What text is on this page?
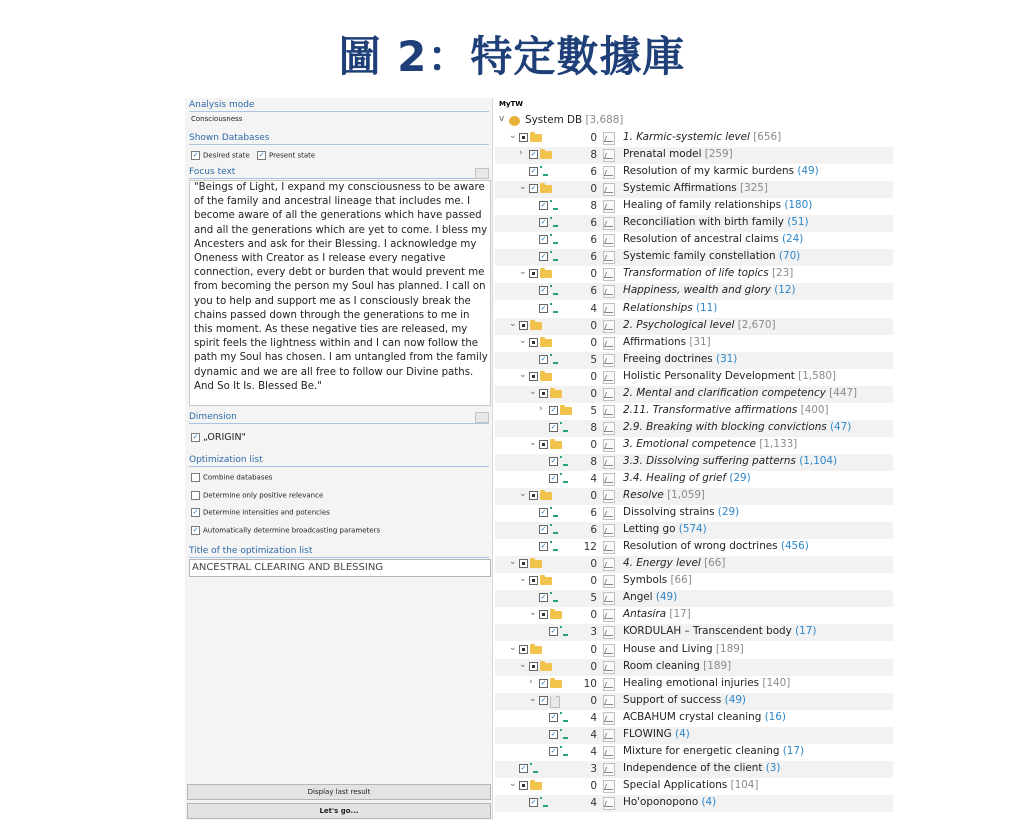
圖 2：特定數據庫
Analysis mode
Consciousness
Shown Databases
✓ Desired state ✓ Present state
Focus text

"Beings of Light, I expand my consciousness to be aware of the family and ancestral lineage that includes me. I become aware of all the generations which have passed and all the generations which are yet to come. I bless my Ancesters and ask for their Blessing. I acknowledge my Oneness with Creator as I release every negative connection, every debt or burden that would prevent me from becoming the person my Soul has planned. I call on you to help and support me as I consciously break the chains passed down through the generations to me in this moment. As these negative ties are released, my spirit feels the lightness within and I can now follow the path my Soul has chosen. I am untangled from the family dynamic and we are all free to follow our Divine paths. And So It Is. Blessed Be."

Dimension
✓ „ORIGIN"
Optimization list
Combine databases
Determine only positive relevance
✓ Determine intensities and potencies
✓ Automatically determine broadcasting parameters
Title of the optimization list
ANCESTRAL CLEARING AND BLESSING
Display last result
Let's go...
MyTW
v System DB [3,688]
⌄	0	1. Karmic-systemic level [656]
› ✓	8	Prenatal model [259]
✓	6	Resolution of my karmic burdens (49)
⌄ ✓	0	Systemic Affirmations [325]
✓	8	Healing of family relationships (180)
✓	6	Reconciliation with birth family (51)
✓	6	Resolution of ancestral claims (24)
✓	6	Systemic family constellation (70)
⌄	0	Transformation of life topics [23]
✓	6	Happiness, wealth and glory (12)
✓	4	Relationships (11)
⌄	0	2. Psychological level [2,670]
⌄	0	Affirmations [31]
✓	5	Freeing doctrines (31)
⌄	0	Holistic Personality Development [1,580]
⌄	0	2. Mental and clarification competency [447]
› ✓	5	2.11. Transformative affirmations [400]
✓	8	2.9. Breaking with blocking convictions (47)
⌄	0	3. Emotional competence [1,133]
✓	8	3.3. Dissolving suffering patterns (1,104)
✓	4	3.4. Healing of grief (29)
⌄	0	Resolve [1,059]
✓	6	Dissolving strains (29)
✓	6	Letting go (574)
✓	12	Resolution of wrong doctrines (456)
⌄	0	4. Energy level [66]
⌄	0	Symbols [66]
✓	5	Angel (49)
⌄	0	Antasira [17]
✓	3	KORDULAH – Transcendent body (17)
⌄	0	House and Living [189]
⌄	0	Room cleaning [189]
› ✓	10	Healing emotional injuries [140]
⌄ ✓	0	Support of success (49)
✓	4	ACBAHUM crystal cleaning (16)
✓	4	FLOWING (4)
✓	4	Mixture for energetic cleaning (17)
✓	3	Independence of the client (3)
⌄	0	Special Applications [104]
✓	4	Ho'oponopono (4)
